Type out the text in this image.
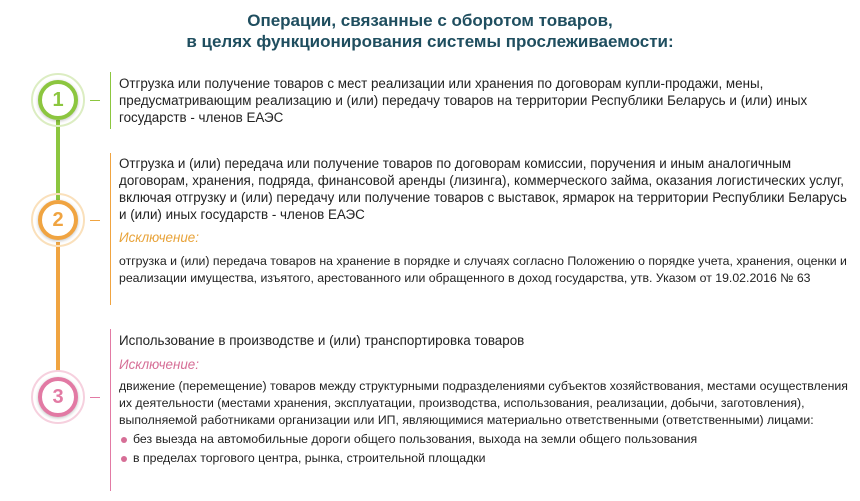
Операции, связанные с оборотом товаров,
в целях функционирования системы прослеживаемости:
1
2
3

Отгрузка или получение товаров с мест реализации или хранения по договорам купли-продажи, мены, предусматривающим реализацию и (или) передачу товаров на территории Республики Беларусь и (или) иных государств - членов ЕАЭС

Отгрузка и (или) передача или получение товаров по договорам комиссии, поручения и иным аналогичным договорам, хранения, подряда, финансовой аренды (лизинга), коммерческого займа, оказания логистических услуг, включая отгрузку и (или) передачу или получение товаров с выставок, ярмарок на территории Республики Беларусь и (или) иных государств - членов ЕАЭС

Исключение:

отгрузка и (или) передача товаров на хранение в порядке и случаях согласно Положению о порядке учета, хранения, оценки и реализации имущества, изъятого, арестованного или обращенного в доход государства, утв. Указом от 19.02.2016 № 63

Использование в производстве и (или) транспортировка товаров

Исключение:

движение (перемещение) товаров между структурными подразделениями субъектов хозяйствования, местами осуществления их деятельности (местами хранения, эксплуатации, производства, использования, реализации, добычи, заготовления), выполняемой работниками организации или ИП, являющимися материально ответственными (ответственными) лицами:

без выезда на автомобильные дороги общего пользования, выхода на земли общего пользования
в пределах торгового центра, рынка, строительной площадки
